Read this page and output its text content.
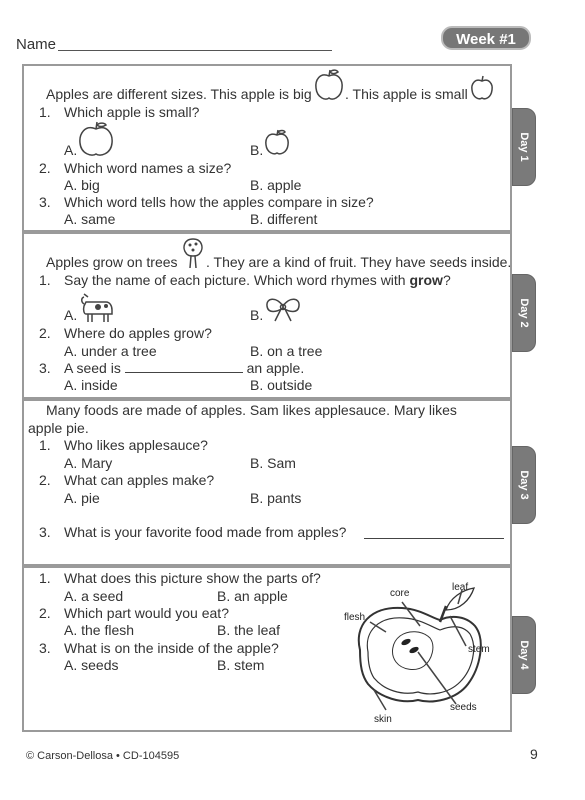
Name	Week #1
Day 1
Apples are different sizes. This apple is big . This apple is small
1. Which apple is small?
A.	B.
2. Which word names a size?
A. big	B. apple
3. Which word tells how the apples compare in size?
A. same	B. different
Day 2
Apples grow on trees . They are a kind of fruit. They have seeds inside.
1. Say the name of each picture. Which word rhymes with grow?
A.	B.
2. Where do apples grow?
A. under a tree	B. on a tree
3. A seed is	an apple.
A. inside	B. outside
Day 3
Many foods are made of apples. Sam likes applesauce. Mary likes
apple pie.
1. Who likes applesauce?
A. Mary	B. Sam
2. What can apples make?
A. pie	B. pants
3. What is your favorite food made from apples?
Day 4
1. What does this picture show the parts of?
A. a seed	B. an apple
2. Which part would you eat?
A. the flesh	B. the leaf
3. What is on the inside of the apple?
A. seeds	B. stem
core
leaf
flesh
stem
seeds
skin
© Carson-Dellosa • CD-104595	9
